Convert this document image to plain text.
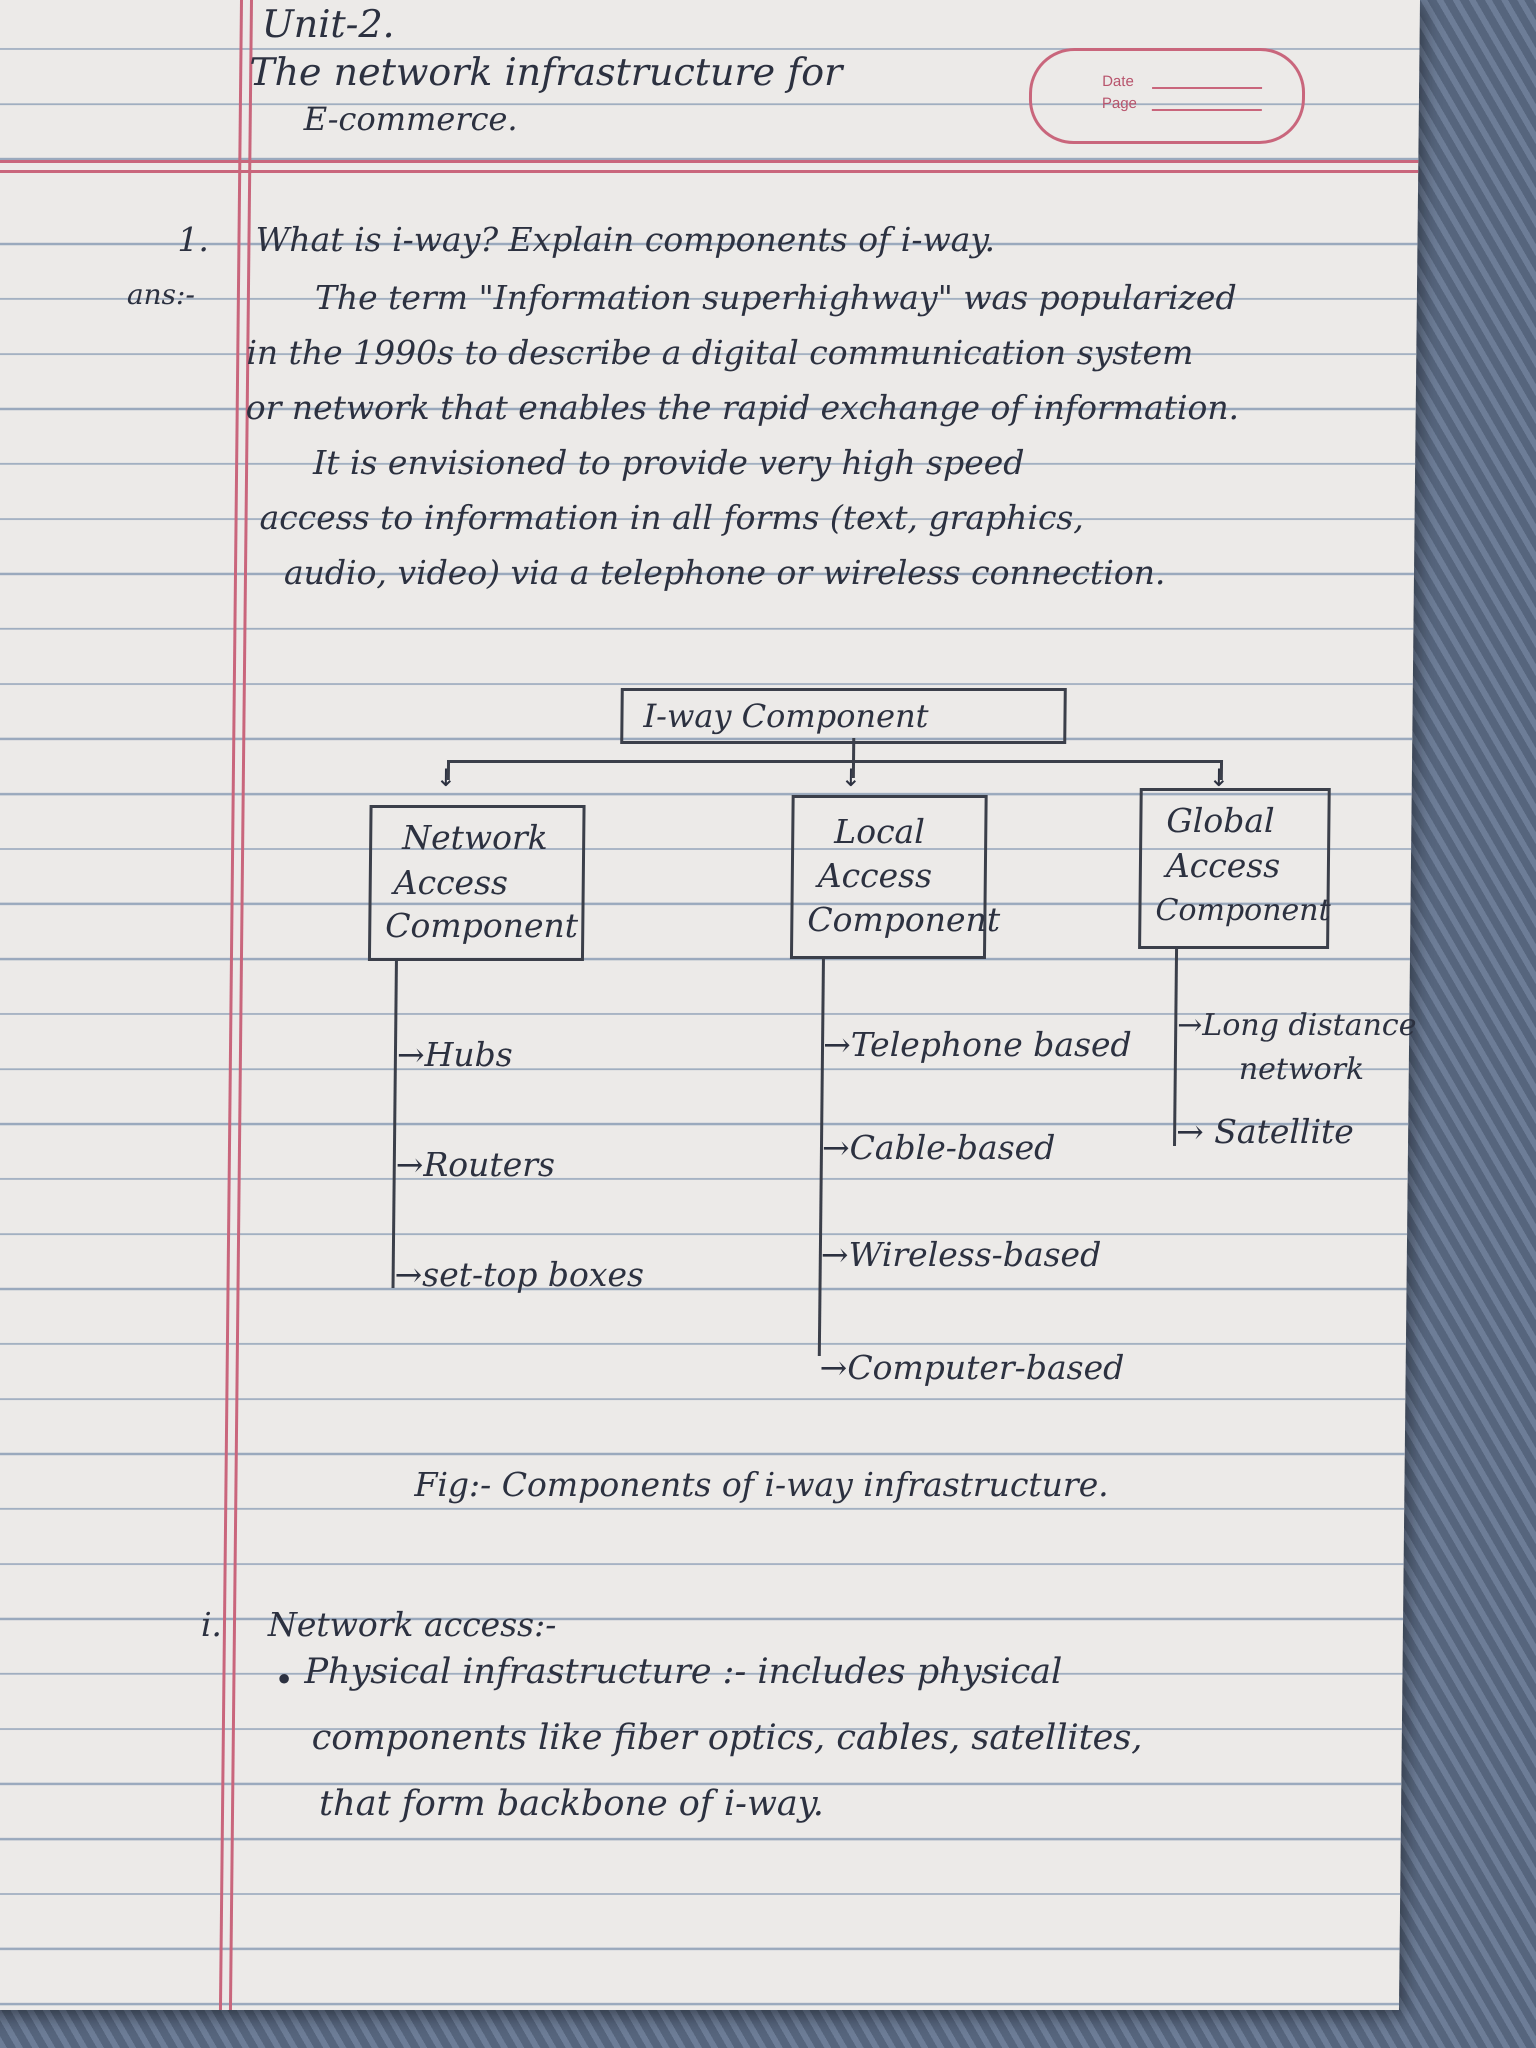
Unit-2.
The network infrastructure for
E-commerce.
Date
Page
1. What is i-way? Explain components of i-way.
ans:-	The term "Information superhighway" was popularized
in the 1990s to describe a digital communication system
or network that enables the rapid exchange of information.
It is envisioned to provide very high speed
access to information in all forms (text, graphics,
audio, video) via a telephone or wireless connection.
I-way Component
↓	↓	↓
Network
Access
Component
→Hubs
→Routers
→set-top boxes
Local
Access
Component
→Telephone based
→Cable-based
→Wireless-based
→Computer-based
Global
Access
Component
→Long distance
network
→ Satellite
Fig:- Components of i-way infrastructure.
i. Network access:-
• Physical infrastructure :- includes physical
components like fiber optics, cables, satellites,
that form backbone of i-way.
